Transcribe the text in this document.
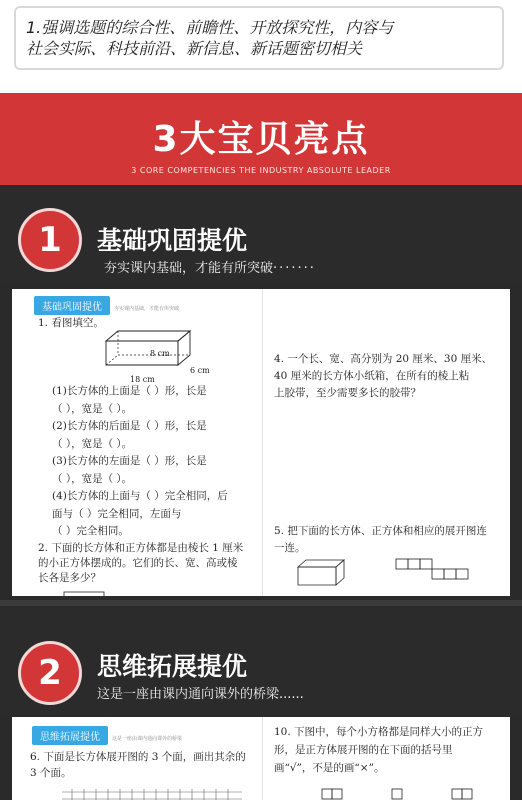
1.强调选题的综合性、前瞻性、开放探究性，内容与
社会实际、科技前沿、新信息、新话题密切相关
3大宝贝亮点
3 CORE COMPETENCIES THE INDUSTRY ABSOLUTE LEADER
1	基础巩固提优
夯实课内基础，才能有所突破·······
基础巩固提优 夯实课内基础，才能有所突破
1. 看图填空。
8 cm
6 cm
18 cm
(1)长方体的上面是（ ）形，长是
（ ），宽是（ ）。
(2)长方体的后面是（ ）形，长是
（ ），宽是（ ）。
(3)长方体的左面是（ ）形，长是
（ ），宽是（ ）。
(4)长方体的上面与（ ）完全相同，后
面与（ ）完全相同，左面与
（ ）完全相同。
2. 下面的长方体和正方体都是由棱长 1 厘米
的小正方体摆成的。它们的长、宽、高或棱
长各是多少？
4. 一个长、宽、高分别为 20 厘米、30 厘米、
40 厘米的长方体小纸箱，在所有的棱上粘
上胶带，至少需要多长的胶带？
5. 把下面的长方体、正方体和相应的展开图连
一连。
2	思维拓展提优
这是一座由课内通向课外的桥梁......
思维拓展提优 这是一座由课内通向课外的桥梁
6. 下面是长方体展开图的 3 个面，画出其余的
3 个面。
10. 下图中，每个小方格都是同样大小的正方
形，是正方体展开图的在下面的括号里
画“√”，不是的画“×”。
